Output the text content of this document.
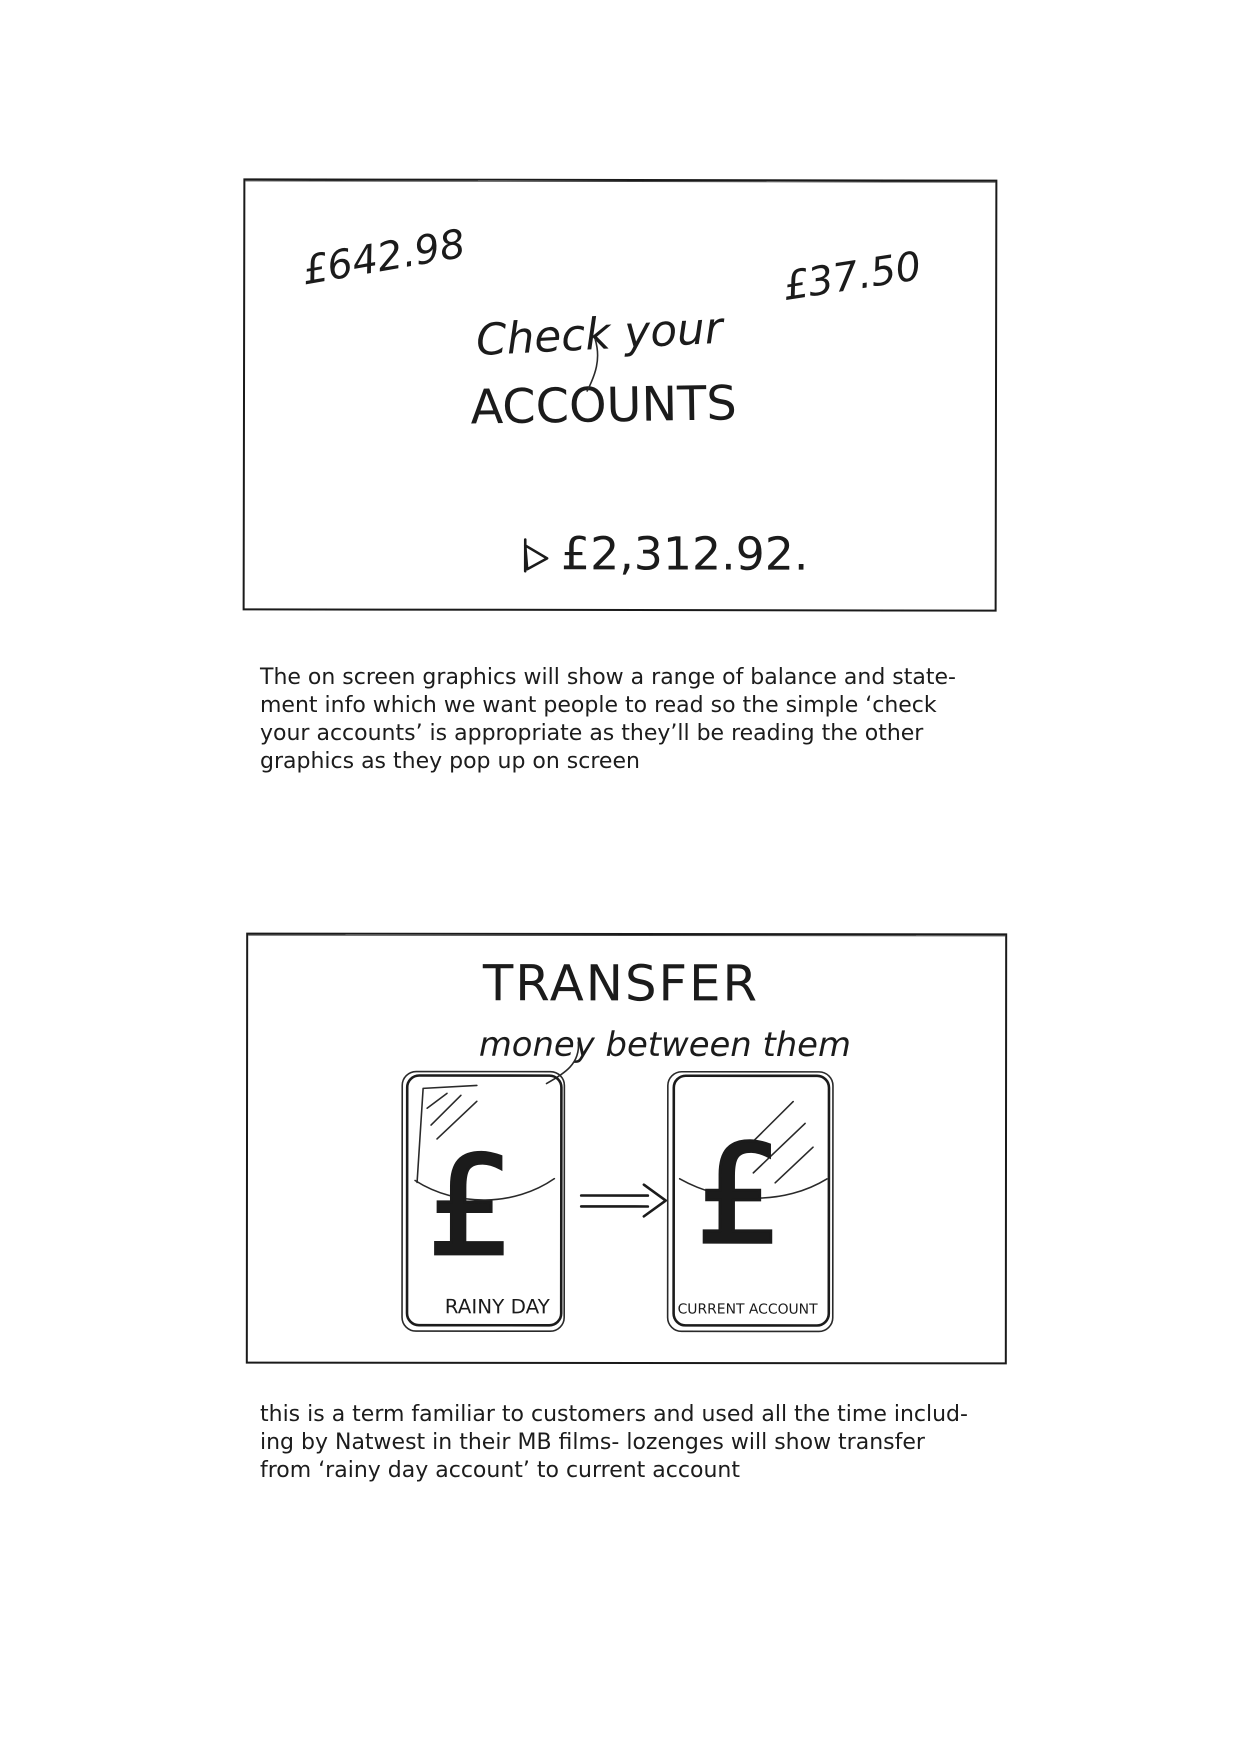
£642.98	£37.50
Check your
ACCOUNTS
£2,312.92.

The on screen graphics will show a range of balance and state-
ment info which we want people to read so the simple ‘check
your accounts’ is appropriate as they’ll be reading the other
graphics as they pop up on screen

TRANSFER
money between them
£
RAINY DAY
£
CURRENT ACCOUNT

this is a term familiar to customers and used all the time includ-
ing by Natwest in their MB films- lozenges will show transfer
from ‘rainy day account’ to current account
